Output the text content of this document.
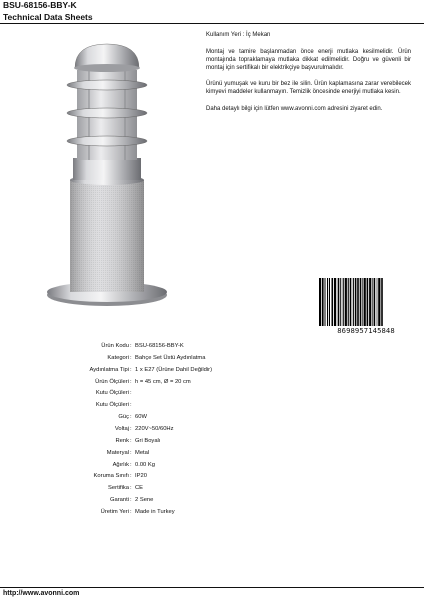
BSU-68156-BBY-K
Technical Data Sheets
Kullanım Yeri : İç Mekan

Montaj ve tamire başlanmadan önce enerji mutlaka kesilmelidir. Ürün montajında topraklamaya mutlaka dikkat edilmelidir. Doğru ve güvenli bir montaj için sertifikalı bir elektrikçiye başvurulmalıdır.

Ürünü yumuşak ve kuru bir bez ile silin. Ürün kaplamasına zarar verebilecek kimyevi maddeler kullanmayın. Temizlik öncesinde enerjiyi mutlaka kesin.

Daha detaylı bilgi için lütfen www.avonni.com adresini ziyaret edin.

8698957145848
Ürün Kodu : BSU-68156-BBY-K
Kategori : Bahçe Set Üstü Aydınlatma
Aydınlatma Tipi : 1 x E27 (Ürüne Dahil Değildir)
Ürün Ölçüleri : h = 45 cm, Ø = 20 cm
Kutu Ölçüleri :
Kutu Ölçüleri :
Güç : 60W
Voltaj : 220V~50/60Hz
Renk : Gri Boyalı
Materyal : Metal
Ağırlık : 0.00 Kg
Koruma Sınıfı : IP20
Sertifika : CE
Garanti : 2 Sene
Üretim Yeri : Made in Turkey
http://www.avonni.com
